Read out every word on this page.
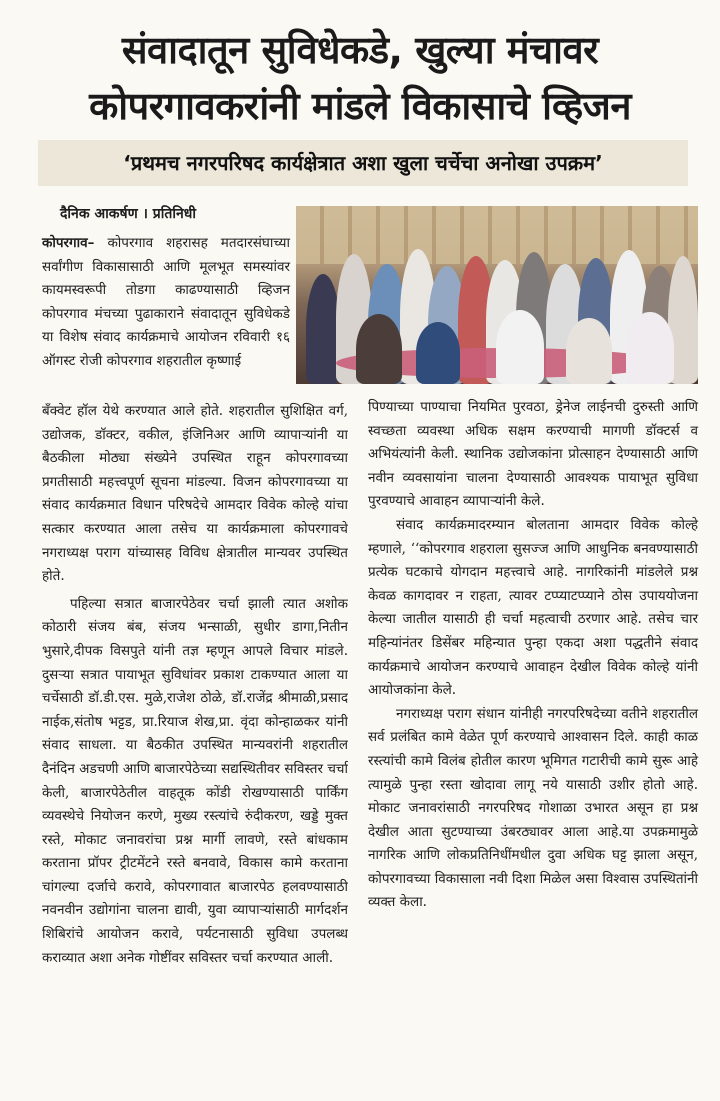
संवादातून सुविधेकडे, खुल्या मंचावर
कोपरगावकरांनी मांडले विकासाचे व्हिजन
‘प्रथमच नगरपरिषद कार्यक्षेत्रात अशा खुला चर्चेचा अनोखा उपक्रम’
दैनिक आकर्षण । प्रतिनिधी

कोपरगाव– कोपरगाव शहरासह मतदारसंघाच्या सर्वांगीण विकासासाठी आणि मूलभूत समस्यांवर कायमस्वरूपी तोडगा काढण्यासाठी व्हिजन कोपरगाव मंचच्या पुढाकाराने संवादातून सुविधेकडे या विशेष संवाद कार्यक्रमाचे आयोजन रविवारी १६ ऑगस्ट रोजी कोपरगाव शहरातील कृष्णाई

बँक्वेट हॉल येथे करण्यात आले होते. शहरातील सुशिक्षित वर्ग, उद्योजक, डॉक्टर, वकील, इंजिनिअर आणि व्यापाऱ्यांनी या बैठकीला मोठ्या संख्येने उपस्थित राहून कोपरगावच्या प्रगतीसाठी महत्त्वपूर्ण सूचना मांडल्या. विजन कोपरगावच्या या संवाद कार्यक्रमात विधान परिषदेचे आमदार विवेक कोल्हे यांचा सत्कार करण्यात आला तसेच या कार्यक्रमाला कोपरगावचे नगराध्यक्ष पराग यांच्यासह विविध क्षेत्रातील मान्यवर उपस्थित होते.

पहिल्या सत्रात बाजारपेठेवर चर्चा झाली त्यात अशोक कोठारी संजय बंब, संजय भन्साळी, सुधीर डागा,नितीन भुसारे,दीपक विसपुते यांनी तज्ञ म्हणून आपले विचार मांडले. दुसऱ्या सत्रात पायाभूत सुविधांवर प्रकाश टाकण्यात आला या चर्चेसाठी डॉ.डी.एस. मुळे,राजेश ठोळे, डॉ.राजेंद्र श्रीमाळी,प्रसाद नाईक,संतोष भट्टड, प्रा.रियाज शेख,प्रा. वृंदा कोन्हाळकर यांनी संवाद साधला. या बैठकीत उपस्थित मान्यवरांनी शहरातील दैनंदिन अडचणी आणि बाजारपेठेच्या सद्यस्थितीवर सविस्तर चर्चा केली, बाजारपेठेतील वाहतूक कोंडी रोखण्यासाठी पार्किंग व्यवस्थेचे नियोजन करणे, मुख्य रस्त्यांचे रुंदीकरण, खड्डे मुक्त रस्ते, मोकाट जनावरांचा प्रश्न मार्गी लावणे, रस्ते बांधकाम करताना प्रॉपर ट्रीटमेंटने रस्ते बनवावे, विकास कामे करताना चांगल्या दर्जाचे करावे, कोपरगावात बाजारपेठ हलवण्यासाठी नवनवीन उद्योगांना चालना द्यावी, युवा व्यापाऱ्यांसाठी मार्गदर्शन शिबिरांचे आयोजन करावे, पर्यटनासाठी सुविधा उपलब्ध कराव्यात अशा अनेक गोष्टींवर सविस्तर चर्चा करण्यात आली.

पिण्याच्या पाण्याचा नियमित पुरवठा, ड्रेनेज लाईनची दुरुस्ती आणि स्वच्छता व्यवस्था अधिक सक्षम करण्याची मागणी डॉक्टर्स व अभियंत्यांनी केली. स्थानिक उद्योजकांना प्रोत्साहन देण्यासाठी आणि नवीन व्यवसायांना चालना देण्यासाठी आवश्यक पायाभूत सुविधा पुरवण्याचे आवाहन व्यापाऱ्यांनी केले.

संवाद कार्यक्रमादरम्यान बोलताना आमदार विवेक कोल्हे म्हणाले, ‘‘कोपरगाव शहराला सुसज्ज आणि आधुनिक बनवण्यासाठी प्रत्येक घटकाचे योगदान महत्त्वाचे आहे. नागरिकांनी मांडलेले प्रश्न केवळ कागदावर न राहता, त्यावर टप्प्याटप्प्याने ठोस उपाययोजना केल्या जातील यासाठी ही चर्चा महत्वाची ठरणार आहे. तसेच चार महिन्यांनंतर डिसेंबर महिन्यात पुन्हा एकदा अशा पद्धतीने संवाद कार्यक्रमाचे आयोजन करण्याचे आवाहन देखील विवेक कोल्हे यांनी आयोजकांना केले.

नगराध्यक्ष पराग संधान यांनीही नगरपरिषदेच्या वतीने शहरातील सर्व प्रलंबित कामे वेळेत पूर्ण करण्याचे आश्वासन दिले. काही काळ रस्त्यांची कामे विलंब होतील कारण भूमिगत गटारीची कामे सुरू आहे त्यामुळे पुन्हा रस्ता खोदावा लागू नये यासाठी उशीर होतो आहे. मोकाट जनावरांसाठी नगरपरिषद गोशाळा उभारत असून हा प्रश्न देखील आता सुटण्याच्या उंबरठ्यावर आला आहे.या उपक्रमामुळे नागरिक आणि लोकप्रतिनिधींमधील दुवा अधिक घट्ट झाला असून, कोपरगावच्या विकासाला नवी दिशा मिळेल असा विश्वास उपस्थितांनी व्यक्त केला.
